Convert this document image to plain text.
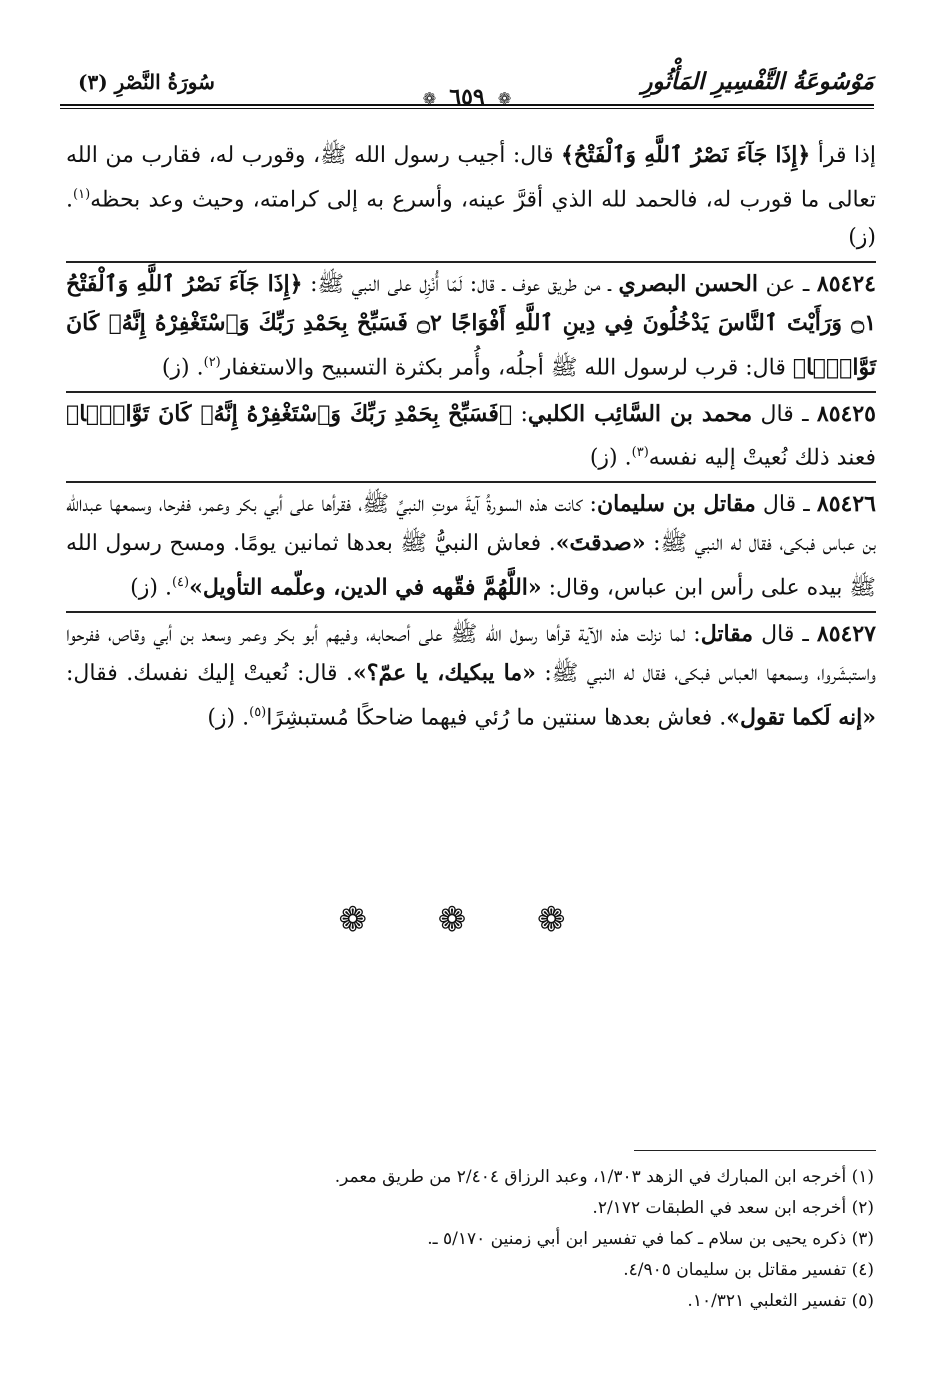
مَوْسُوعَةُ التَّفْسِيرِ المَأْثُورِ
❁ ٦٥٩ ❁
سُورَةُ النَّصْرِ (٣)

إذا قرأ ﴿إِذَا جَآءَ نَصْرُ ٱللَّهِ وَٱلْفَتْحُ﴾ قال: أجيب رسول الله ﷺ، وقورب له، فقارب من الله تعالى ما قورب له، فالحمد لله الذي أقرَّ عينه، وأسرع به إلى كرامته، وحيث وعد بحظه$^{(١)}$. (ز)

٨٥٤٢٤ ـ عن الحسن البصري ـ من طريق عوف ـ قال: لَمّا أُنْزِل على النبي ﷺ: ﴿إِذَا جَآءَ نَصْرُ ٱللَّهِ وَٱلْفَتْحُ ۝١ وَرَأَيْتَ ٱلنَّاسَ يَدْخُلُونَ فِي دِينِ ٱللَّهِ أَفْوَاجًا ۝٢ فَسَبِّحْ بِحَمْدِ رَبِّكَ وَٱسْتَغْفِرْهُ إِنَّهُۥ كَانَ تَوَّابًۢا﴾ قال: قرب لرسول الله ﷺ أجلُه، وأُمر بكثرة التسبيح والاستغفار$^{(٢)}$. (ز)

٨٥٤٢٥ ـ قال محمد بن السَّائِب الكلبي: ﴿فَسَبِّحْ بِحَمْدِ رَبِّكَ وَٱسْتَغْفِرْهُ إِنَّهُۥ كَانَ تَوَّابًۢا﴾ فعند ذلك نُعيتْ إليه نفسه$^{(٣)}$. (ز)

٨٥٤٢٦ ـ قال مقاتل بن سليمان: كانت هذه السورةُ آيةَ موتِ النبيِّ ﷺ، فقرأها على أبي بكر وعمر، ففرحا، وسمعها عبدالله بن عباس فبكى، فقال له النبي ﷺ: «صدقتَ». فعاش النبيُّ ﷺ بعدها ثمانين يومًا. ومسح رسول الله ﷺ بيده على رأس ابن عباس، وقال: «اللَّهُمَّ فقّهه في الدين، وعلّمه التأويل»$^{(٤)}$. (ز)

٨٥٤٢٧ ـ قال مقاتل: لما نزلت هذه الآية قرأها رسول الله ﷺ على أصحابه، وفيهم أبو بكر وعمر وسعد بن أبي وقاص، ففرحوا واستبشَروا، وسمعها العباس فبكى، فقال له النبي ﷺ: «ما يبكيك، يا عمّ؟». قال: نُعيتْ إليك نفسك. فقال: «إنه لَكما تقول». فعاش بعدها سنتين ما رُئي فيهما ضاحكًا مُستبشِرًا$^{(٥)}$. (ز)

❁ ❁ ❁
(١) أخرجه ابن المبارك في الزهد ١/٣٠٣، وعبد الرزاق ٢/٤٠٤ من طريق معمر.
(٢) أخرجه ابن سعد في الطبقات ٢/١٧٢.
(٣) ذكره يحيى بن سلام ـ كما في تفسير ابن أبي زمنين ٥/١٧٠ ـ.
(٤) تفسير مقاتل بن سليمان ٤/٩٠٥.
(٥) تفسير الثعلبي ١٠/٣٢١.
